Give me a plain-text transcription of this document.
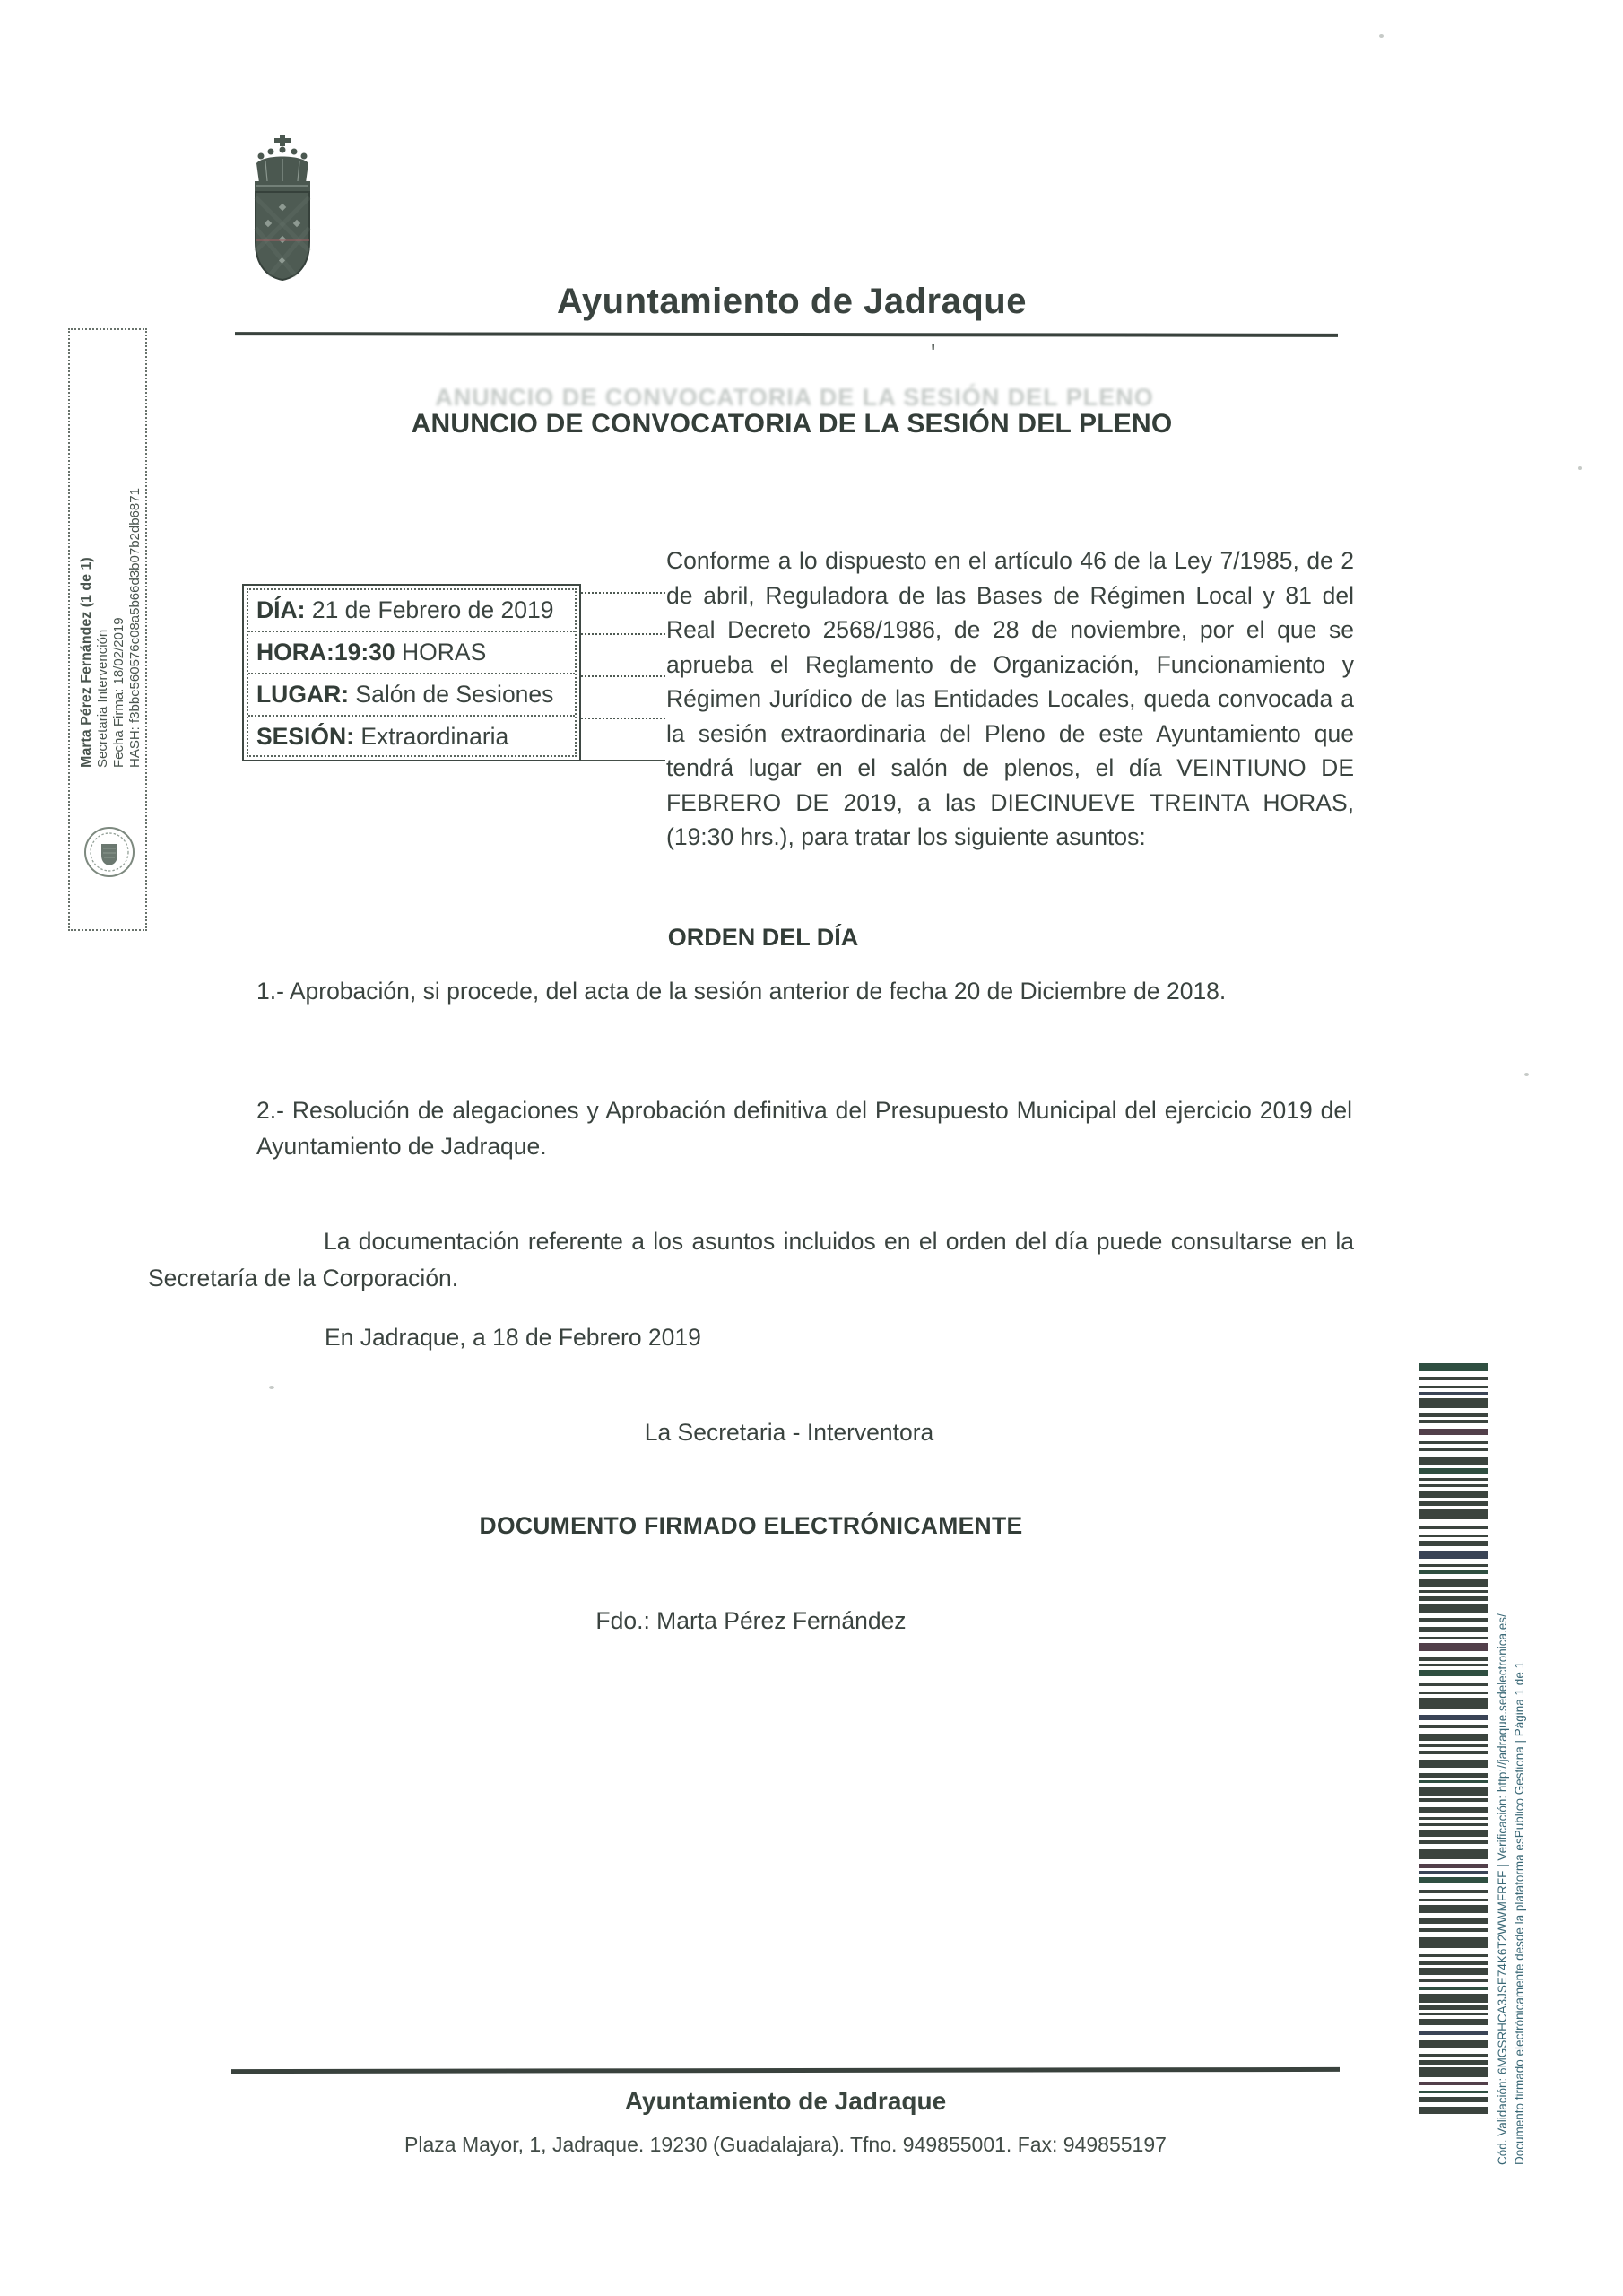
Ayuntamiento de Jadraque
'
ANUNCIO DE CONVOCATORIA DE LA SESIÓN DEL PLENO
ANUNCIO DE CONVOCATORIA DE LA SESIÓN DEL PLENO

Conforme a lo dispuesto en el artículo 46 de la Ley 7/1985, de 2 de abril, Reguladora de las Bases de Régimen Local y 81 del Real Decreto 2568/1986, de 28 de noviembre, por el que se aprueba el Reglamento de Organización, Funcionamiento y Régimen Jurídico de las Entidades Locales, queda convocada a la sesión extraordinaria del Pleno de este Ayuntamiento que tendrá lugar en el salón de plenos, el día VEINTIUNO DE FEBRERO DE 2019, a las DIECINUEVE TREINTA HORAS, (19:30 hrs.), para tratar los siguiente asuntos:

DÍA: 21 de Febrero de 2019
HORA:19:30 HORAS
LUGAR: Salón de Sesiones
SESIÓN: Extraordinaria
ORDEN DEL DÍA
1.- Aprobación, si procede, del acta de la sesión anterior de fecha 20 de Diciembre de 2018.
2.- Resolución de alegaciones y Aprobación definitiva del Presupuesto Municipal del ejercicio 2019 del Ayuntamiento de Jadraque.
La documentación referente a los asuntos incluidos en el orden del día puede consultarse en la Secretaría de la Corporación.
En Jadraque, a 18 de Febrero 2019
La Secretaria - Interventora
DOCUMENTO FIRMADO ELECTRÓNICAMENTE
Fdo.: Marta Pérez Fernández
Ayuntamiento de Jadraque
Plaza Mayor, 1, Jadraque. 19230 (Guadalajara). Tfno. 949855001. Fax: 949855197
Marta Pérez Fernández (1 de 1) Secretaria Intervención Fecha Firma: 18/02/2019 HASH: f3bbe560576c08a5b66d3b07b2db6871
Cód. Validación: 6MGSRHCA3JSE74K6T2WWMFRFF | Verificación: http://jadraque.sedelectronica.es/ Documento firmado electrónicamente desde la plataforma esPublico Gestiona | Página 1 de 1
